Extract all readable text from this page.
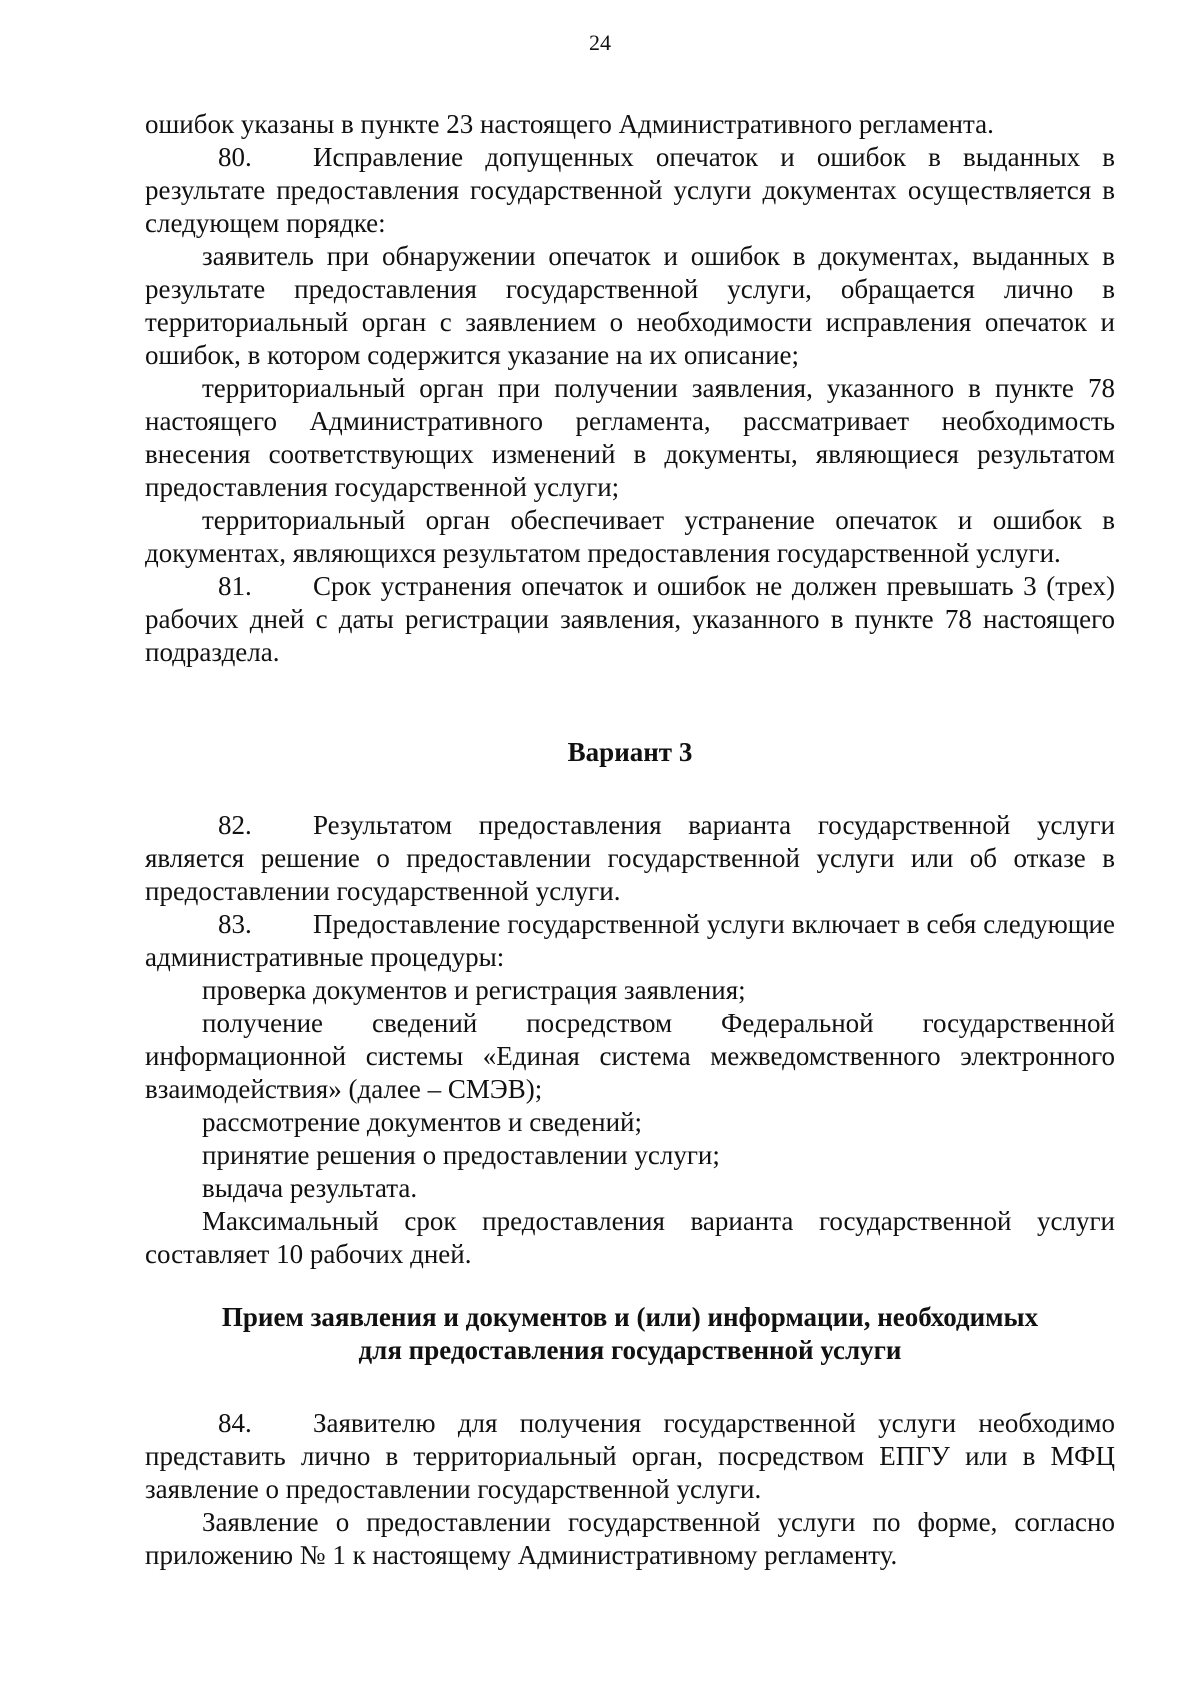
24

ошибок указаны в пункте 23 настоящего Административного регламента.

80. Исправление допущенных опечаток и ошибок в выданных в результате предоставления государственной услуги документах осуществляется в следующем порядке:

заявитель при обнаружении опечаток и ошибок в документах, выданных в результате предоставления государственной услуги, обращается лично в территориальный орган с заявлением о необходимости исправления опечаток и ошибок, в котором содержится указание на их описание;

территориальный орган при получении заявления, указанного в пункте 78 настоящего Административного регламента, рассматривает необходимость внесения соответствующих изменений в документы, являющиеся результатом предоставления государственной услуги;

территориальный орган обеспечивает устранение опечаток и ошибок в документах, являющихся результатом предоставления государственной услуги.

81. Срок устранения опечаток и ошибок не должен превышать 3 (трех) рабочих дней с даты регистрации заявления, указанного в пункте 78 настоящего подраздела.

Вариант 3

82. Результатом предоставления варианта государственной услуги является решение о предоставлении государственной услуги или об отказе в предоставлении государственной услуги.

83. Предоставление государственной услуги включает в себя следующие административные процедуры:

проверка документов и регистрация заявления;

получение сведений посредством Федеральной государственной информационной системы «Единая система межведомственного электронного взаимодействия» (далее – СМЭВ);

рассмотрение документов и сведений;

принятие решения о предоставлении услуги;

выдача результата.

Максимальный срок предоставления варианта государственной услуги составляет 10 рабочих дней.

Прием заявления и документов и (или) информации, необходимых
для предоставления государственной услуги

84. Заявителю для получения государственной услуги необходимо представить лично в территориальный орган, посредством ЕПГУ или в МФЦ заявление о предоставлении государственной услуги.

Заявление о предоставлении государственной услуги по форме, согласно приложению № 1 к настоящему Административному регламенту.
